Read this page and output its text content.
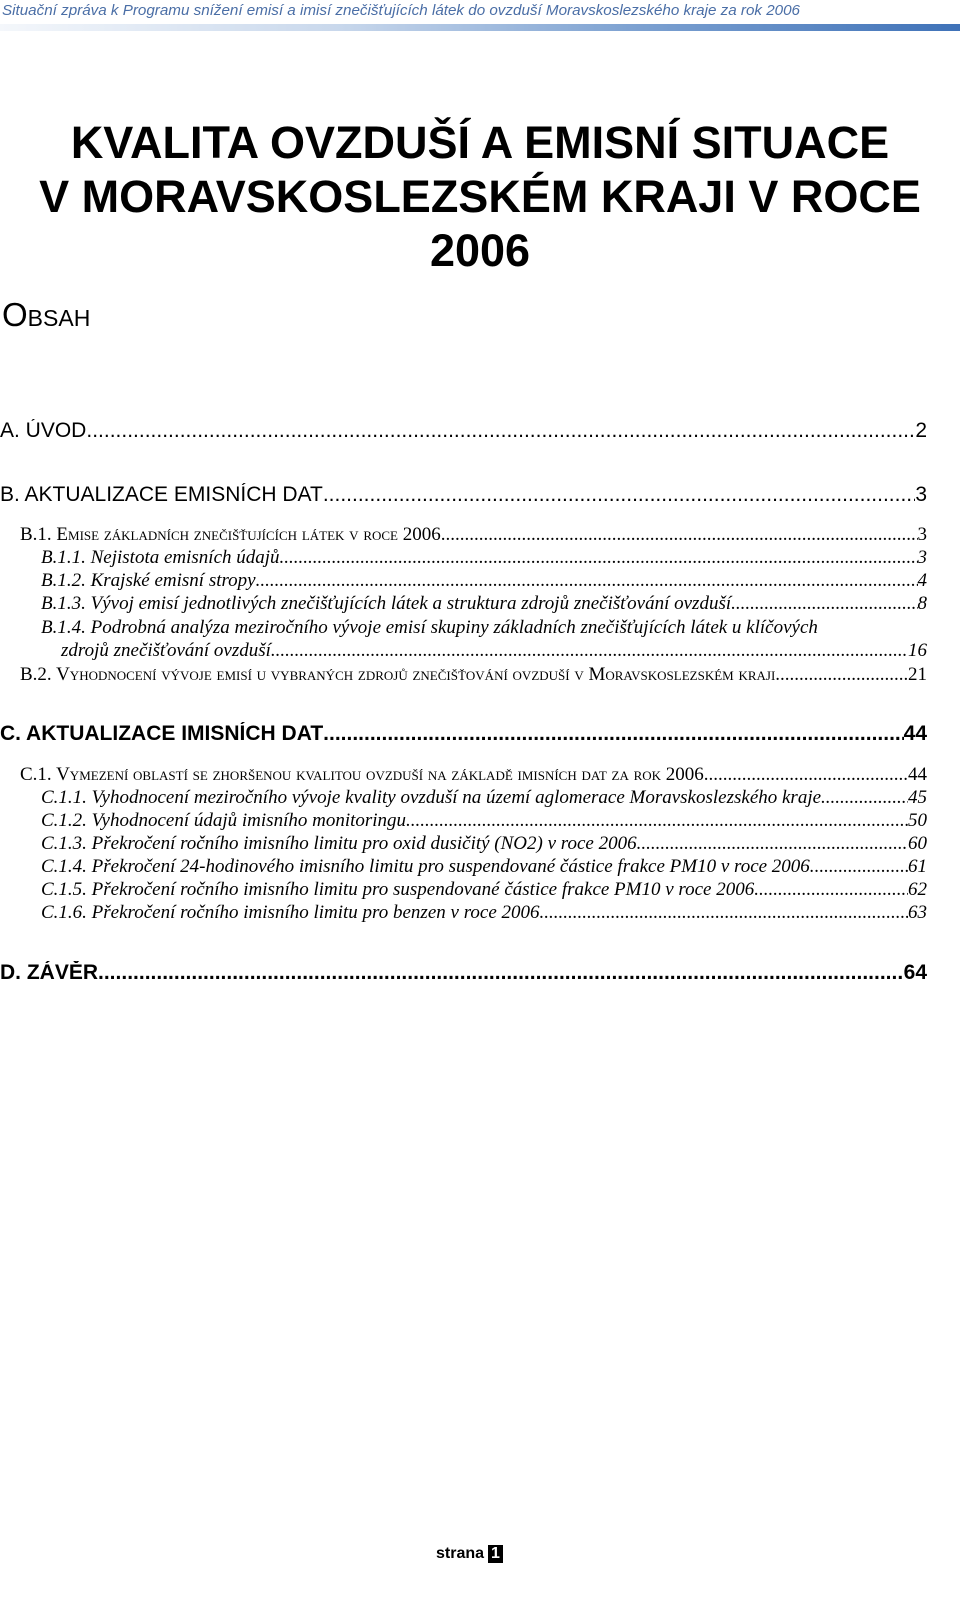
Situační zpráva k Programu snížení emisí a imisí znečišťujících látek do ovzduší Moravskoslezského kraje za rok 2006
KVALITA OVZDUŠÍ A EMISNÍ SITUACE
V MORAVSKOSLEZSKÉM KRAJI V ROCE 2006
Obsah
A. ÚVOD .....	2
B. AKTUALIZACE EMISNÍCH DAT .....	3
B.1. Emise základních znečišťujících látek v roce 2006 .....	3
B.1.1. Nejistota emisních údajů .....	3
B.1.2. Krajské emisní stropy .....	4
B.1.3. Vývoj emisí jednotlivých znečišťujících látek a struktura zdrojů znečišťování ovzduší .....	8
B.1.4. Podrobná analýza meziročního vývoje emisí skupiny základních znečišťujících látek u klíčových
zdrojů znečišťování ovzduší .....	16
B.2. Vyhodnocení vývoje emisí u vybraných zdrojů znečišťování ovzduší v Moravskoslezském kraji .....	21
C. AKTUALIZACE IMISNÍCH DAT .....	44
C.1. Vymezení oblastí se zhoršenou kvalitou ovzduší na základě imisních dat za rok 2006 .....	44
C.1.1. Vyhodnocení meziročního vývoje kvality ovzduší na území aglomerace Moravskoslezského kraje .....	45
C.1.2. Vyhodnocení údajů imisního monitoringu .....	50
C.1.3. Překročení ročního imisního limitu pro oxid dusičitý (NO2) v roce 2006 .....	60
C.1.4. Překročení 24-hodinového imisního limitu pro suspendované částice frakce PM10 v roce 2006. .....	61
C.1.5. Překročení ročního imisního limitu pro suspendované částice frakce PM10 v roce 2006 .....	62
C.1.6. Překročení ročního imisního limitu pro benzen v roce 2006 .....	63
D. ZÁVĚR .....	64
strana 1
